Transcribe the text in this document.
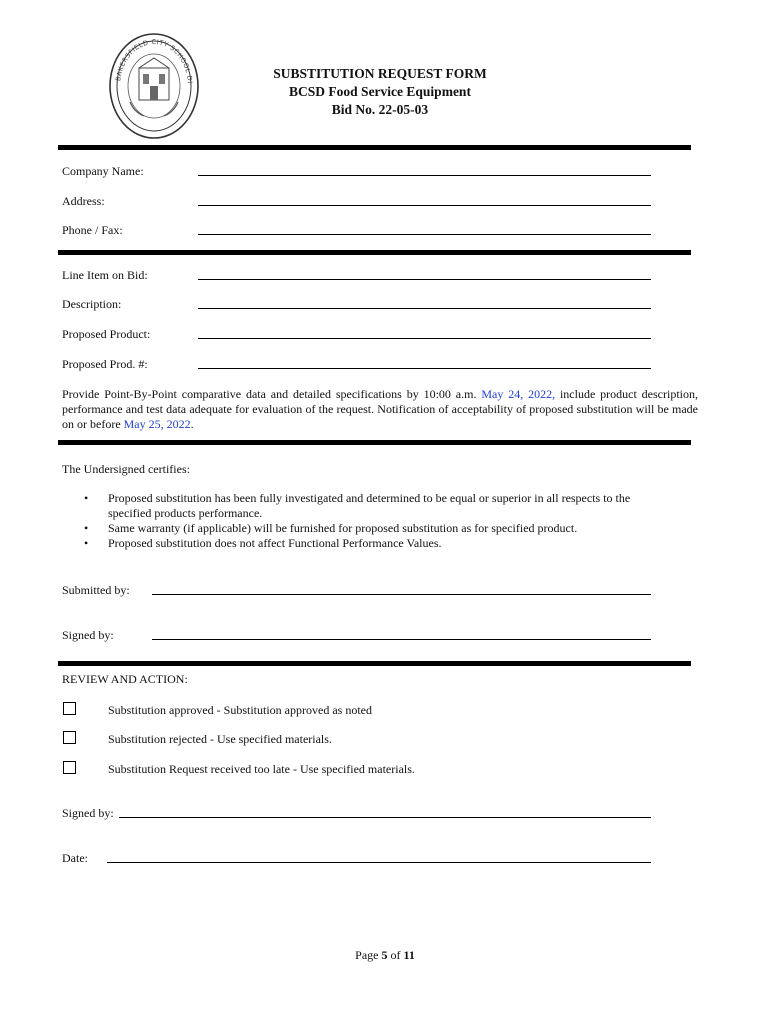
BAKERSFIELD CITY SCHOOL DI
SUBSTITUTION REQUEST FORM
BCSD Food Service Equipment
Bid No. 22-05-03
Company Name:
Address:
Phone / Fax:
Line Item on Bid:
Description:
Proposed Product:
Proposed Prod. #:
Provide Point-By-Point comparative data and detailed specifications by 10:00 a.m. May 24, 2022, include product description, performance and test data adequate for evaluation of the request. Notification of acceptability of proposed substitution will be made on or before May 25, 2022.
The Undersigned certifies:
• Proposed substitution has been fully investigated and determined to be equal or superior in all respects to the specified products performance.
• Same warranty (if applicable) will be furnished for proposed substitution as for specified product.
• Proposed substitution does not affect Functional Performance Values.
Submitted by:
Signed by:
REVIEW AND ACTION:
Substitution approved - Substitution approved as noted
Substitution rejected - Use specified materials.
Substitution Request received too late - Use specified materials.
Signed by:
Date:
Page 5 of 11
